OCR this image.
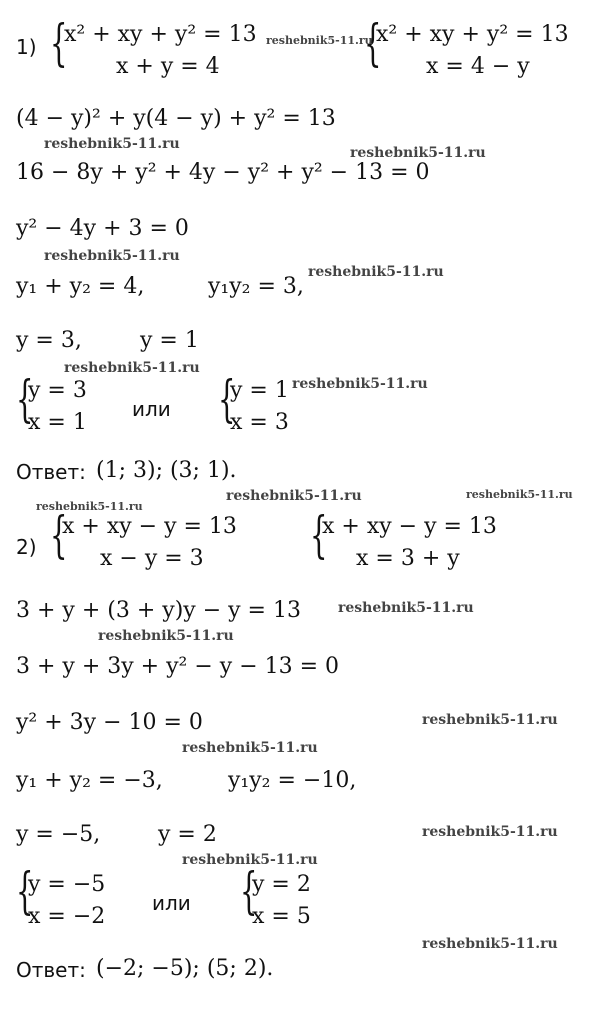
1) {
x² + xy + y² = 13
x + y = 4	{
x² + xy + y² = 13
x = 4 − y
(4 − y)² + y(4 − y) + y² = 13
16 − 8y + y² + 4y − y² + y² − 13 = 0
y² − 4y + 3 = 0
y₁ + y₂ = 4,	y₁y₂ = 3,
y = 3,	y = 1
{
y = 3
x = 1
или {
y = 1
x = 3
Ответ: (1; 3); (3; 1).
2) {
x + xy − y = 13
x − y = 3 {
x + xy − y = 13
x = 3 + y
3 + y + (3 + y)y − y = 13
3 + y + 3y + y² − y − 13 = 0
y² + 3y − 10 = 0
y₁ + y₂ = −3,	y₁y₂ = −10,
y = −5,	y = 2
{
y = −5
x = −2
или {
y = 2
x = 5
Ответ: (−2; −5); (5; 2).
reshebnik5-11.ru
reshebnik5-11.ru
reshebnik5-11.ru
reshebnik5-11.ru
reshebnik5-11.ru
reshebnik5-11.ru
reshebnik5-11.ru
reshebnik5-11.ru
reshebnik5-11.ru	reshebnik5-11.ru
reshebnik5-11.ru
reshebnik5-11.ru
reshebnik5-11.ru
reshebnik5-11.ru
reshebnik5-11.ru
reshebnik5-11.ru
reshebnik5-11.ru
